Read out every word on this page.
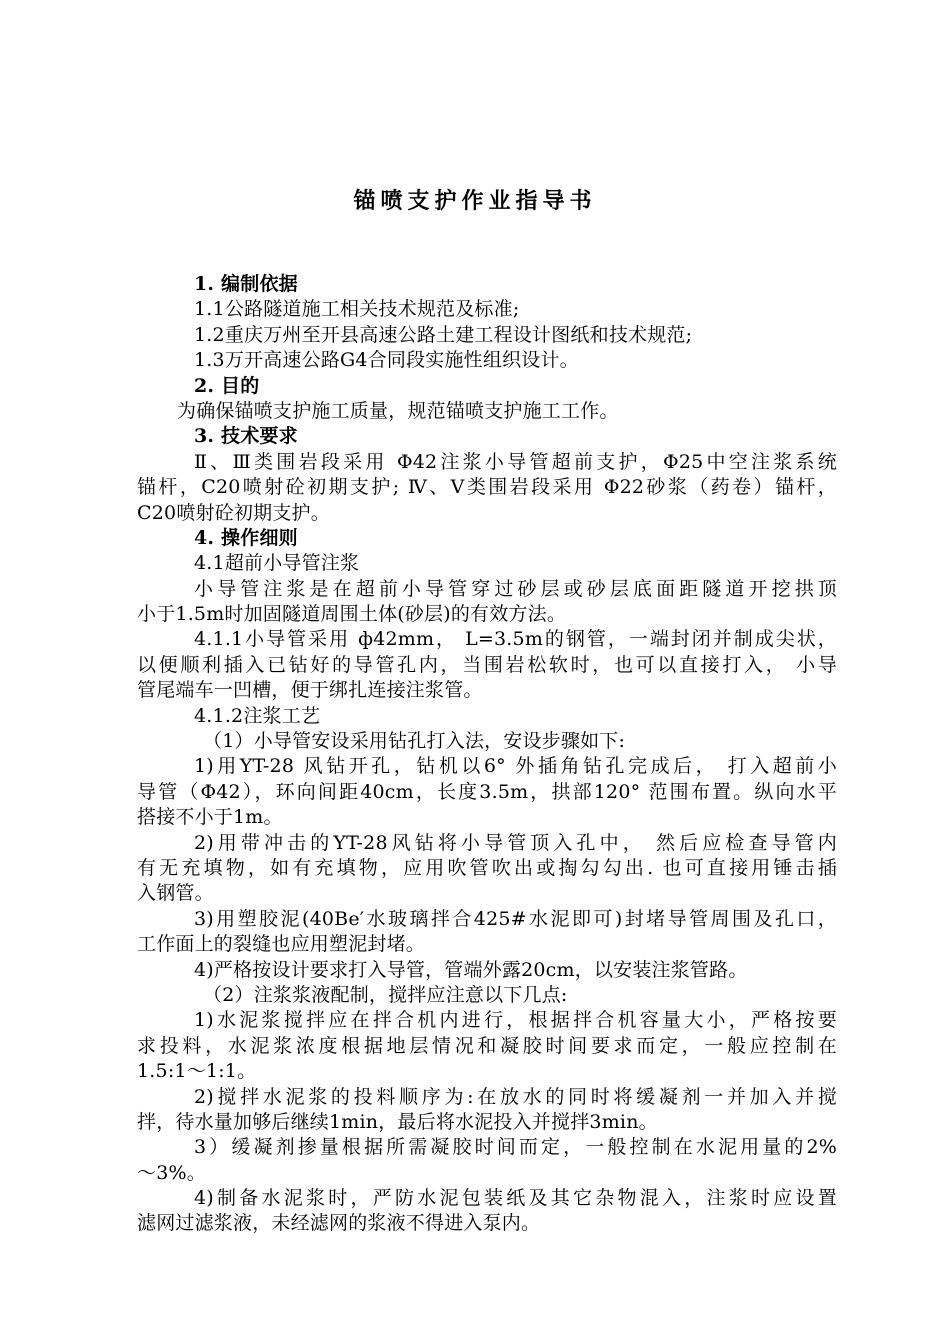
锚喷支护作业指导书
1. 编制依据
1.1公路隧道施工相关技术规范及标准;
1.2重庆万州至开县高速公路土建工程设计图纸和技术规范;
1.3万开高速公路G4合同段实施性组织设计。
2. 目的
为确保锚喷支护施工质量，规范锚喷支护施工工作。
3. 技术要求
Ⅱ、Ⅲ类围岩段采用 Φ42注浆小导管超前支护，Φ25中空注浆系统
锚杆，C20喷射砼初期支护; Ⅳ、Ⅴ类围岩段采用 Φ22砂浆（药卷）锚杆，
C20喷射砼初期支护。
4. 操作细则
4.1超前小导管注浆
小导管注浆是在超前小导管穿过砂层或砂层底面距隧道开挖拱顶
小于1.5m时加固隧道周围土体(砂层)的有效方法。
4.1.1小导管采用 ф42mm， L=3.5m的钢管，一端封闭并制成尖状，
以便顺利插入已钻好的导管孔内，当围岩松软时，也可以直接打入， 小导
管尾端车一凹槽，便于绑扎连接注浆管。
4.1.2注浆工艺
（1）小导管安设采用钻孔打入法，安设步骤如下:
1)用YT-28 风钻开孔，钻机以6° 外插角钻孔完成后， 打入超前小
导管（Φ42），环向间距40cm，长度3.5m，拱部120° 范围布置。纵向水平
搭接不小于1m。
2)用带冲击的YT-28风钻将小导管顶入孔中， 然后应检查导管内
有无充填物，如有充填物，应用吹管吹出或掏勾勾出. 也可直接用锤击插
入钢管。
3)用塑胶泥(40Be′水玻璃拌合425#水泥即可)封堵导管周围及孔口，
工作面上的裂缝也应用塑泥封堵。
4)严格按设计要求打入导管，管端外露20cm，以安装注浆管路。
（2）注浆浆液配制，搅拌应注意以下几点:
1)水泥浆搅拌应在拌合机内进行，根据拌合机容量大小，严格按要
求投料，水泥浆浓度根据地层情况和凝胶时间要求而定，一般应控制在
1.5:1～1:1。
2)搅拌水泥浆的投料顺序为:在放水的同时将缓凝剂一并加入并搅
拌，待水量加够后继续1min，最后将水泥投入并搅拌3min。
3）缓凝剂掺量根据所需凝胶时间而定，一般控制在水泥用量的2%
～3%。
4)制备水泥浆时，严防水泥包装纸及其它杂物混入，注浆时应设置
滤网过滤浆液，未经滤网的浆液不得进入泵内。
